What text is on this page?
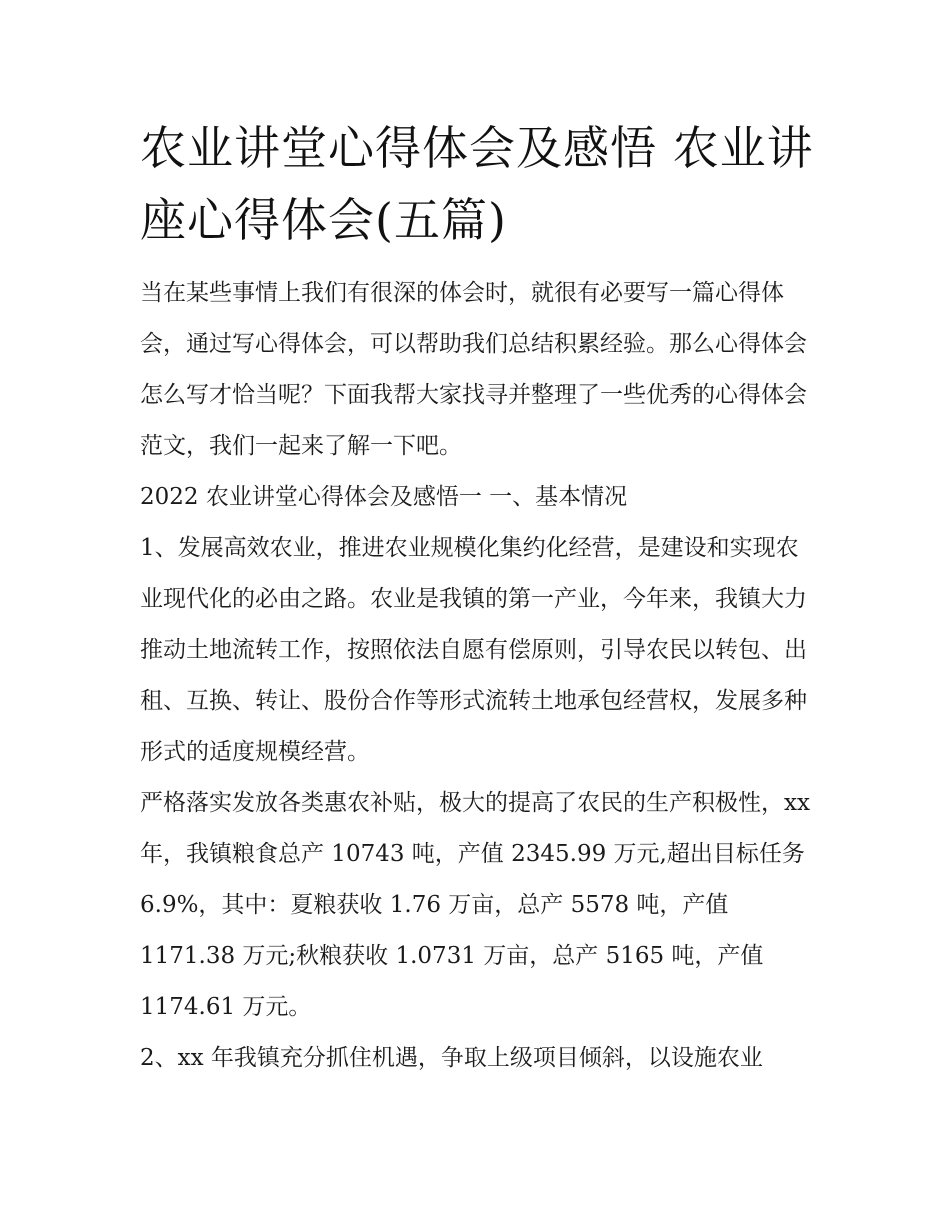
农业讲堂心得体会及感悟 农业讲座心得体会(五篇)

当在某些事情上我们有很深的体会时，就很有必要写一篇心得体会，通过写心得体会，可以帮助我们总结积累经验。那么心得体会怎么写才恰当呢？下面我帮大家找寻并整理了一些优秀的心得体会范文，我们一起来了解一下吧。

2022 农业讲堂心得体会及感悟一 一、基本情况

1、发展高效农业，推进农业规模化集约化经营，是建设和实现农业现代化的必由之路。农业是我镇的第一产业，今年来，我镇大力推动土地流转工作，按照依法自愿有偿原则，引导农民以转包、出租、互换、转让、股份合作等形式流转土地承包经营权，发展多种形式的适度规模经营。

严格落实发放各类惠农补贴，极大的提高了农民的生产积极性，xx 年，我镇粮食总产 10743 吨，产值 2345.99 万元,超出目标任务 6.9%，其中：夏粮获收 1.76 万亩，总产 5578 吨，产值 1171.38 万元;秋粮获收 1.0731 万亩，总产 5165 吨，产值 1174.61 万元。

2、xx 年我镇充分抓住机遇，争取上级项目倾斜，以设施农业
